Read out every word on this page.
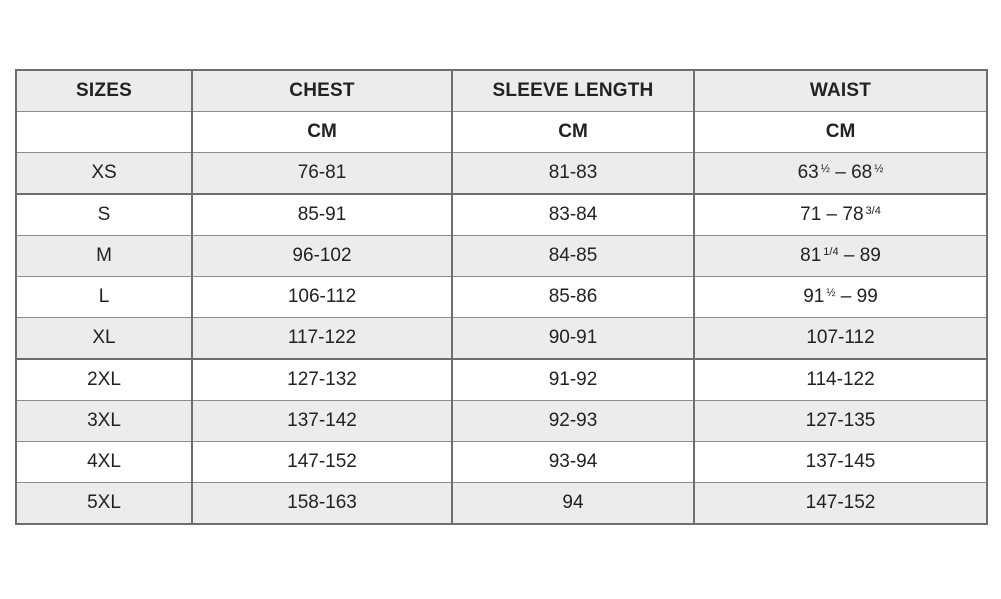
SIZES	CHEST	SLEEVE LENGTH	WAIST
	CM	CM	CM
XS	76-81	81-83	63 $^{\frac{1}{2}}$ – 68 $^{\frac{1}{2}}$
S	85-91	83-84	71 – 78 $^{3/4}$
M	96-102	84-85	81 $^{1/4}$ – 89
L	106-112	85-86	91 $^{\frac{1}{2}}$ – 99
XL	117-122	90-91	107-112
2XL	127-132	91-92	114-122
3XL	137-142	92-93	127-135
4XL	147-152	93-94	137-145
5XL	158-163	94	147-152
